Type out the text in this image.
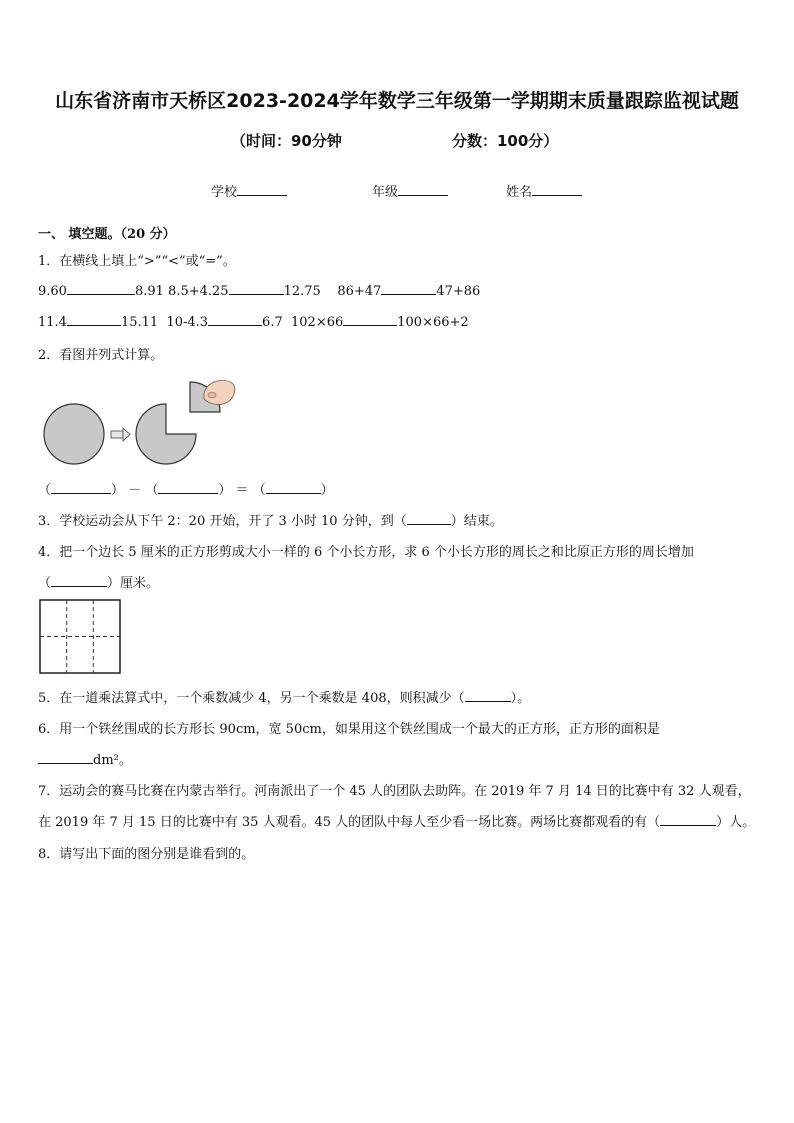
山东省济南市天桥区2023-2024学年数学三年级第一学期期末质量跟踪监视试题
（时间：90分钟	分数：100分）
学校	年级	姓名
一、 填空题。（20 分）
1．在横线上填上“>”“<”或“=”。
9.60	8.91 8.5+4.25	12.75 86+47	47+86
11.4	15.11 10-4.3	6.7 102×66	100×66+2
2．看图并列式计算。
（	） － （	） ＝ （	）
3．学校运动会从下午 2：20 开始，开了 3 小时 10 分钟，到（	）结束。
4．把一个边长 5 厘米的正方形剪成大小一样的 6 个小长方形，求 6 个小长方形的周长之和比原正方形的周长增加
（	）厘米。
5．在一道乘法算式中，一个乘数减少 4，另一个乘数是 408，则积减少（	）。
6．用一个铁丝围成的长方形长 90cm，宽 50cm，如果用这个铁丝围成一个最大的正方形，正方形的面积是
dm²。
7．运动会的赛马比赛在内蒙古举行。河南派出了一个 45 人的团队去助阵。在 2019 年 7 月 14 日的比赛中有 32 人观看，
在 2019 年 7 月 15 日的比赛中有 35 人观看。45 人的团队中每人至少看一场比赛。两场比赛都观看的有（	）人。
8．请写出下面的图分别是谁看到的。
